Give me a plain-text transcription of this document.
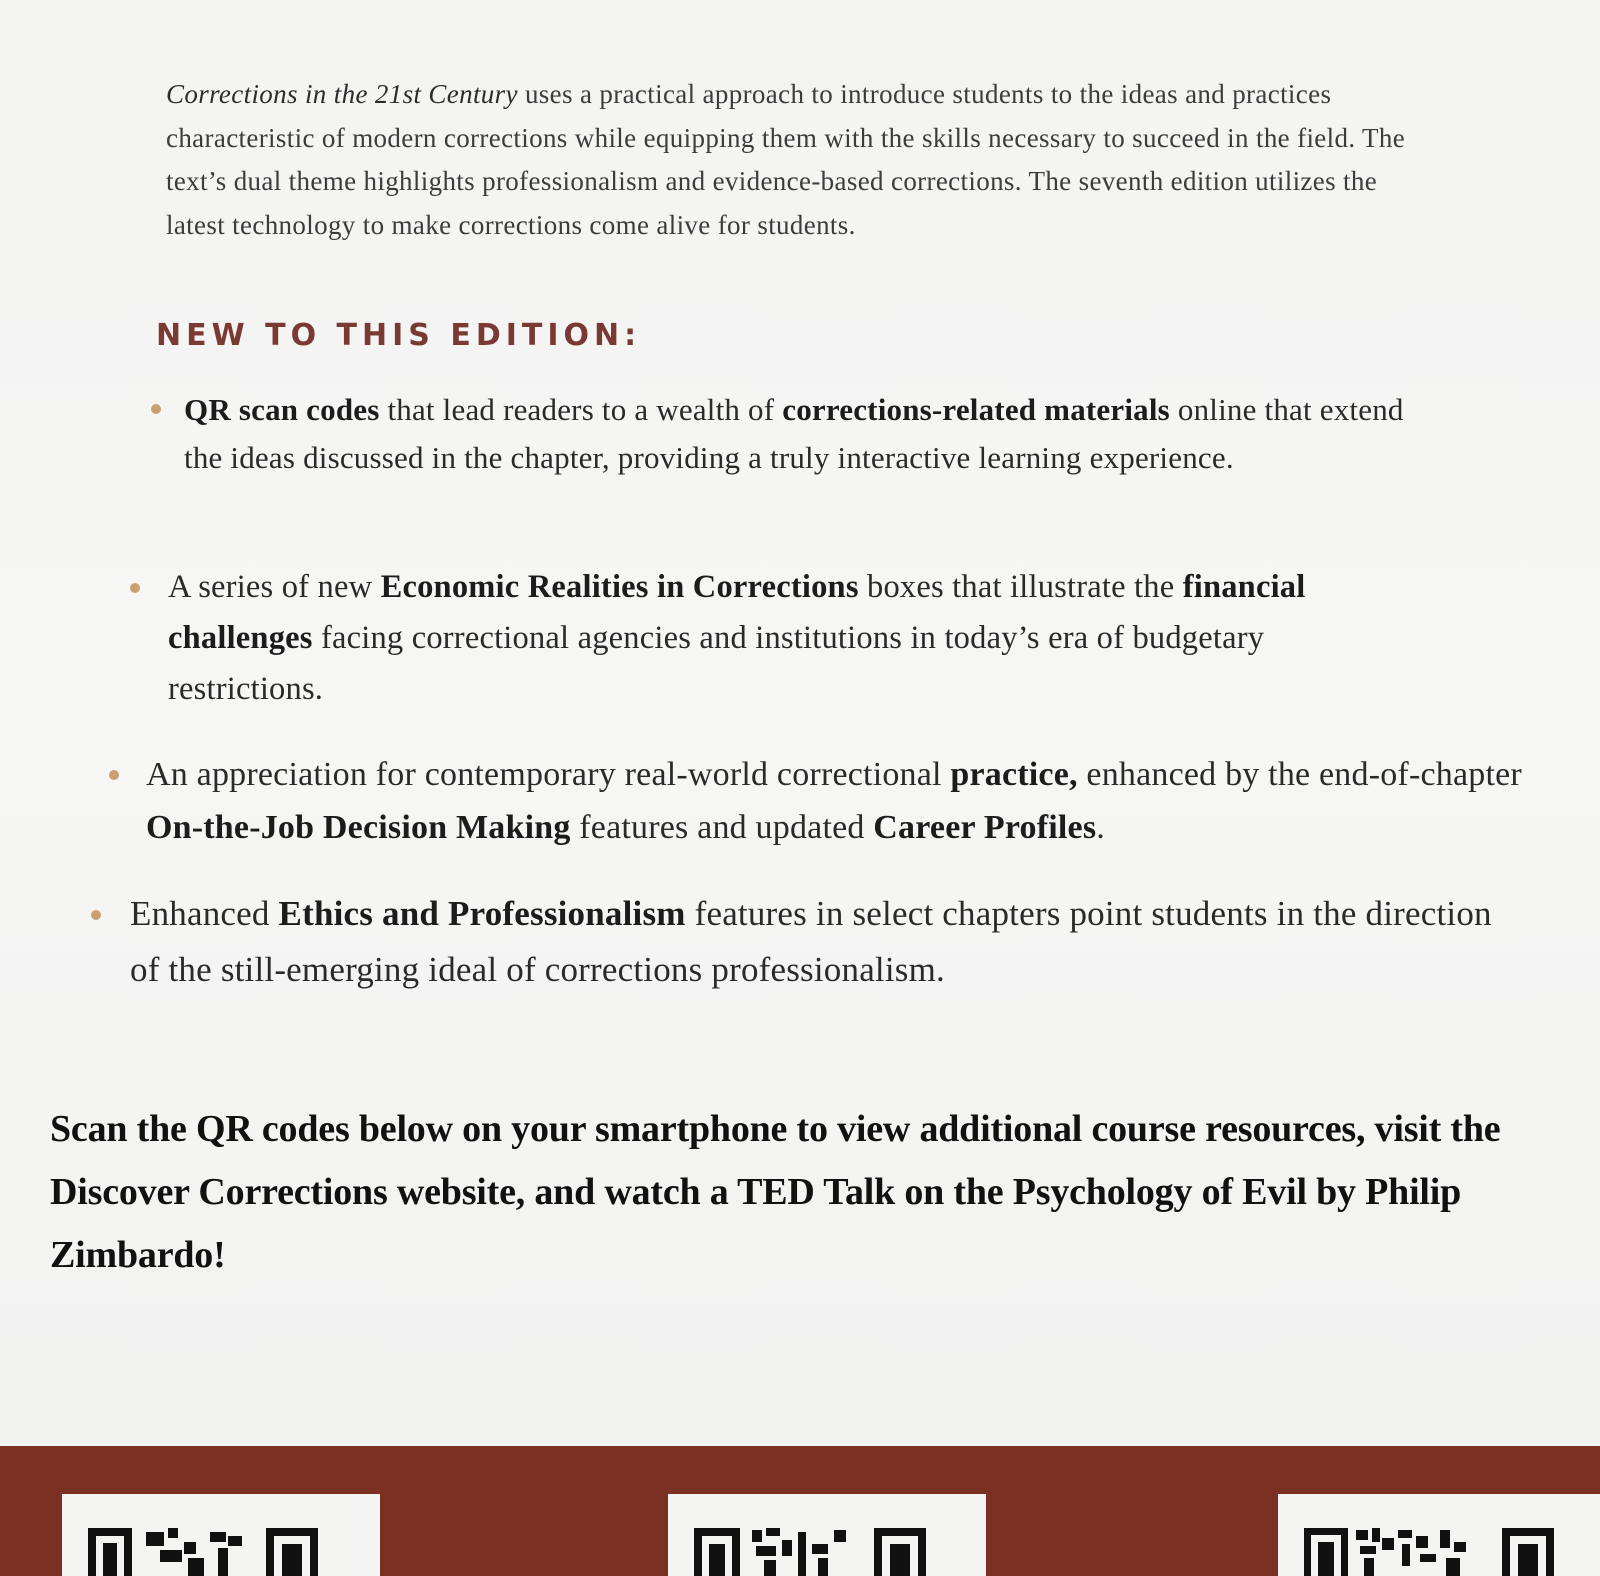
Corrections in the 21st Century uses a practical approach to introduce students to the ideas and practices characteristic of modern corrections while equipping them with the skills necessary to succeed in the field. The text’s dual theme highlights professionalism and evidence-based corrections. The seventh edition utilizes the latest technology to make corrections come alive for students.

NEW TO THIS EDITION:
QR scan codes that lead readers to a wealth of corrections-related materials online that extend the ideas discussed in the chapter, providing a truly interactive learning experience.
A series of new Economic Realities in Corrections boxes that illustrate the financial challenges facing correctional agencies and institutions in today’s era of budgetary restrictions.
An appreciation for contemporary real-world correctional practice, enhanced by the end-of-chapter On-the-Job Decision Making features and updated Career Profiles.
Enhanced Ethics and Professionalism features in select chapters point students in the direction of the still-emerging ideal of corrections professionalism.

Scan the QR codes below on your smartphone to view additional course resources, visit the Discover Corrections website, and watch a TED Talk on the Psychology of Evil by Philip Zimbardo!
